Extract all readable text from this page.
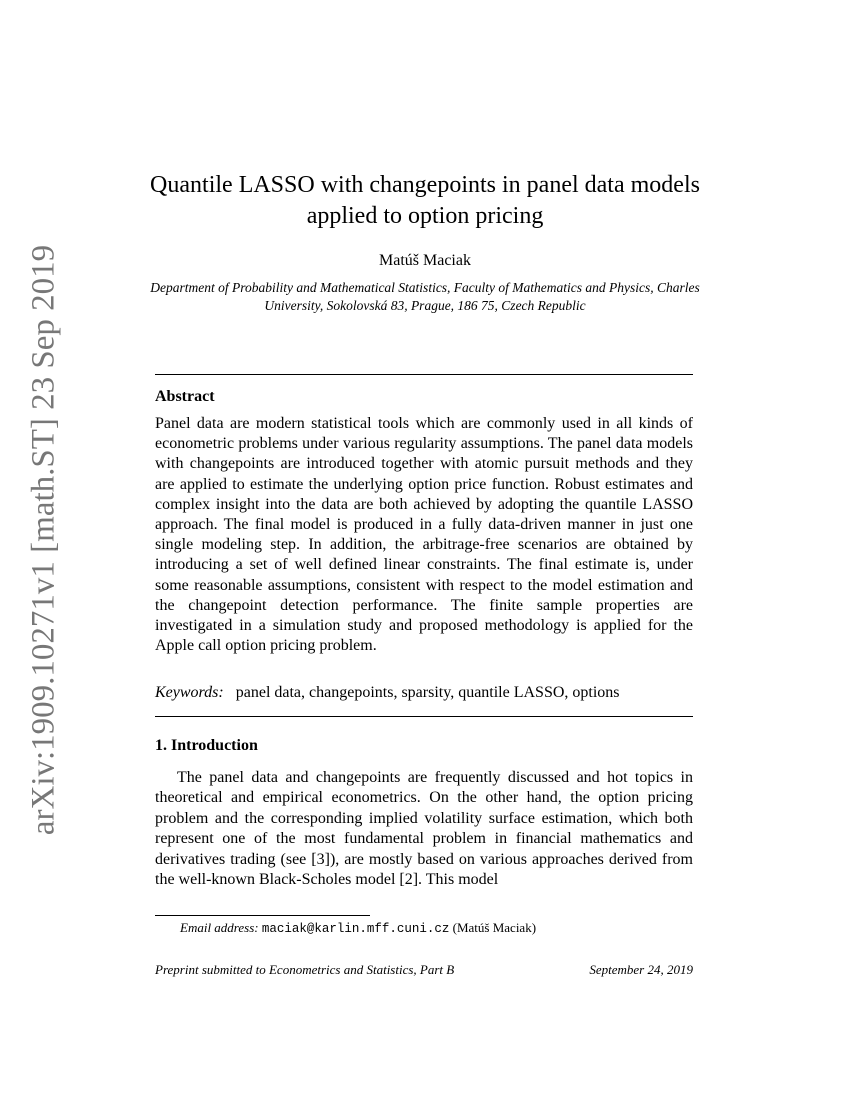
arXiv:1909.10271v1 [math.ST] 23 Sep 2019
Quantile LASSO with changepoints in panel data models applied to option pricing
Matúš Maciak
Department of Probability and Mathematical Statistics, Faculty of Mathematics and Physics, Charles University, Sokolovská 83, Prague, 186 75, Czech Republic
Abstract
Panel data are modern statistical tools which are commonly used in all kinds of econometric problems under various regularity assumptions. The panel data models with changepoints are introduced together with atomic pursuit methods and they are applied to estimate the underlying option price function. Robust estimates and complex insight into the data are both achieved by adopting the quantile LASSO approach. The final model is produced in a fully data-driven manner in just one single modeling step. In addition, the arbitrage-free scenarios are obtained by introducing a set of well defined linear constraints. The final estimate is, under some reasonable assumptions, consistent with respect to the model estimation and the changepoint detection performance. The finite sample properties are investigated in a simulation study and proposed methodology is applied for the Apple call option pricing problem.
Keywords: panel data, changepoints, sparsity, quantile LASSO, options
1. Introduction
The panel data and changepoints are frequently discussed and hot topics in theoretical and empirical econometrics. On the other hand, the option pricing problem and the corresponding implied volatility surface estimation, which both represent one of the most fundamental problem in financial mathematics and derivatives trading (see [3]), are mostly based on various approaches derived from the well-known Black-Scholes model [2]. This model
Email address: maciak@karlin.mff.cuni.cz (Matúš Maciak)
Preprint submitted to Econometrics and Statistics, Part B	September 24, 2019
